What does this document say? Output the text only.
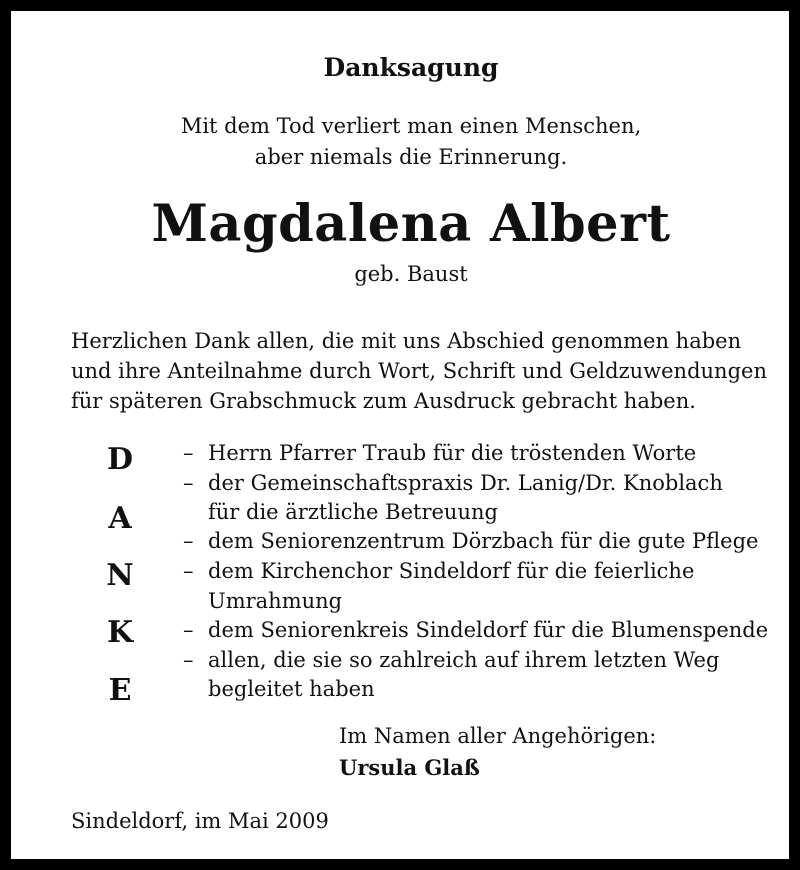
Danksagung
Mit dem Tod verliert man einen Menschen,
aber niemals die Erinnerung.
Magdalena Albert
geb. Baust
Herzlichen Dank allen, die mit uns Abschied genommen haben
und ihre Anteilnahme durch Wort, Schrift und Geldzuwendungen
für späteren Grabschmuck zum Ausdruck gebracht haben.
D
A
N
K
E
– Herrn Pfarrer Traub für die tröstenden Worte
– der Gemeinschaftspraxis Dr. Lanig/Dr. Knoblach
für die ärztliche Betreuung
– dem Seniorenzentrum Dörzbach für die gute Pflege
– dem Kirchenchor Sindeldorf für die feierliche
Umrahmung
– dem Seniorenkreis Sindeldorf für die Blumenspende
– allen, die sie so zahlreich auf ihrem letzten Weg
begleitet haben
Im Namen aller Angehörigen:
Ursula Glaß
Sindeldorf, im Mai 2009
